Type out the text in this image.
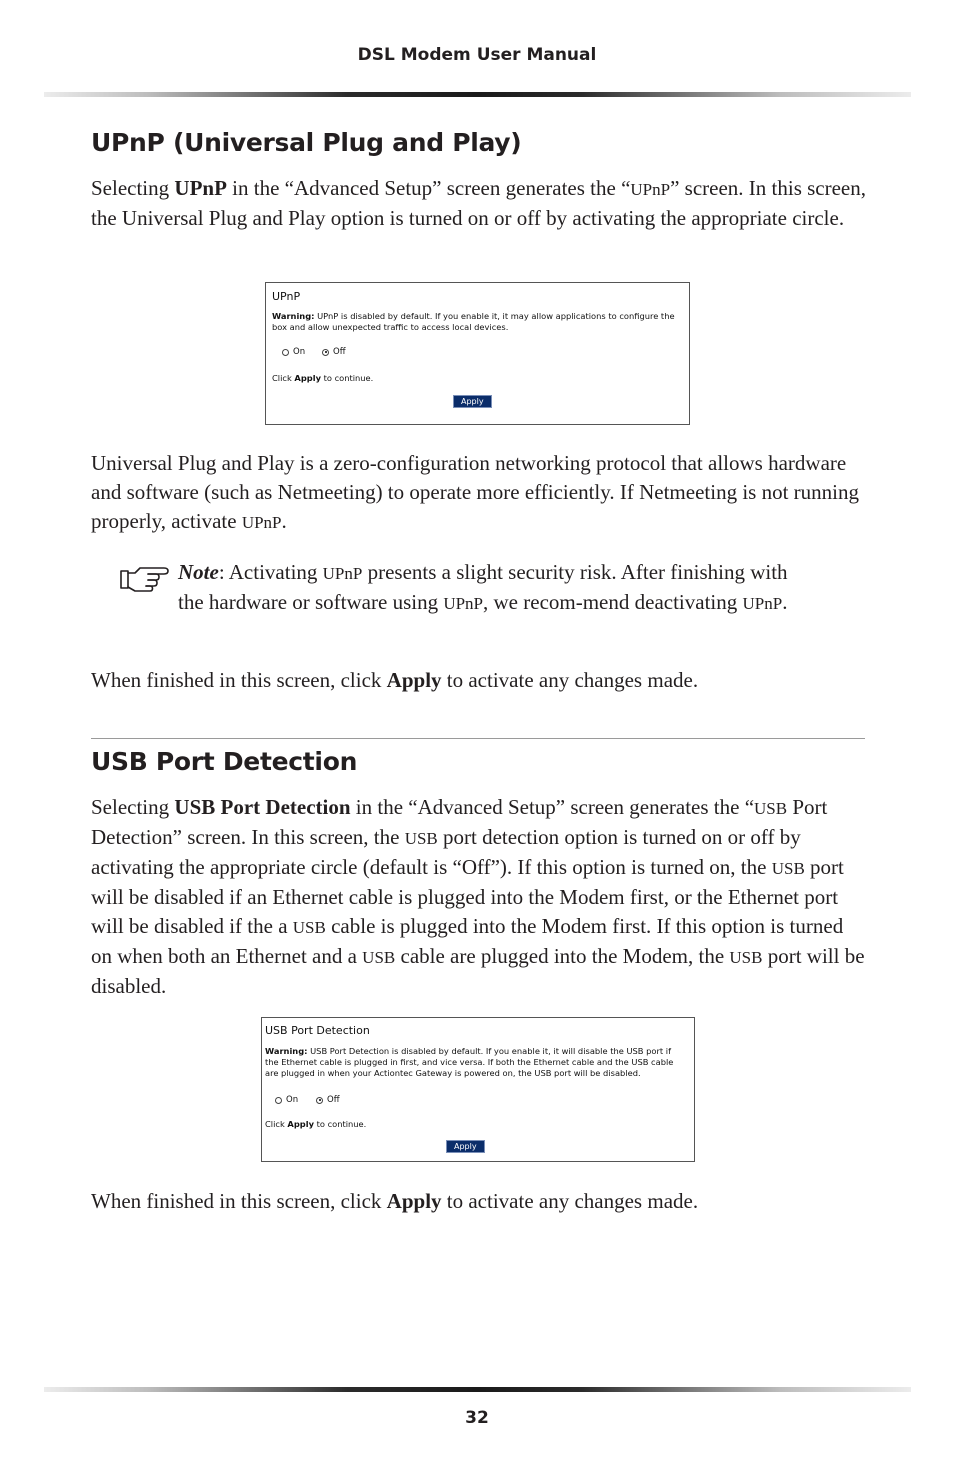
DSL Modem User Manual
UPnP (Universal Plug and Play)

Selecting UPnP in the “Advanced Setup” screen generates the “UPnP” screen. In this screen, the Universal Plug and Play option is turned on or off by activating the appropriate circle.

UPnP
Warning: UPnP is disabled by default. If you enable it, it may allow applications to configure the box and allow unexpected traffic to access local devices.
On	Off
Click Apply to continue.
Apply

Universal Plug and Play is a zero-configuration networking protocol that allows hardware and software (such as Netmeeting) to operate more efficiently. If Netmeeting is not running properly, activate UPnP.

Note: Activating UPnP presents a slight security risk. After finishing with the hardware or software using UPnP, we recom-mend deactivating UPnP.

When finished in this screen, click Apply to activate any changes made.

USB Port Detection

Selecting USB Port Detection in the “Advanced Setup” screen generates the “USB Port Detection” screen. In this screen, the USB port detection option is turned on or off by activating the appropriate circle (default is “Off”). If this option is turned on, the USB port will be disabled if an Ethernet cable is plugged into the Modem first, or the Ethernet port will be disabled if the a USB cable is plugged into the Modem first. If this option is turned on when both an Ethernet and a USB cable are plugged into the Modem, the USB port will be disabled.

USB Port Detection
Warning: USB Port Detection is disabled by default. If you enable it, it will disable the USB port if the Ethernet cable is plugged in first, and vice versa. If both the Ethernet cable and the USB cable are plugged in when your Actiontec Gateway is powered on, the USB port will be disabled.
On	Off
Click Apply to continue.
Apply

When finished in this screen, click Apply to activate any changes made.

32
